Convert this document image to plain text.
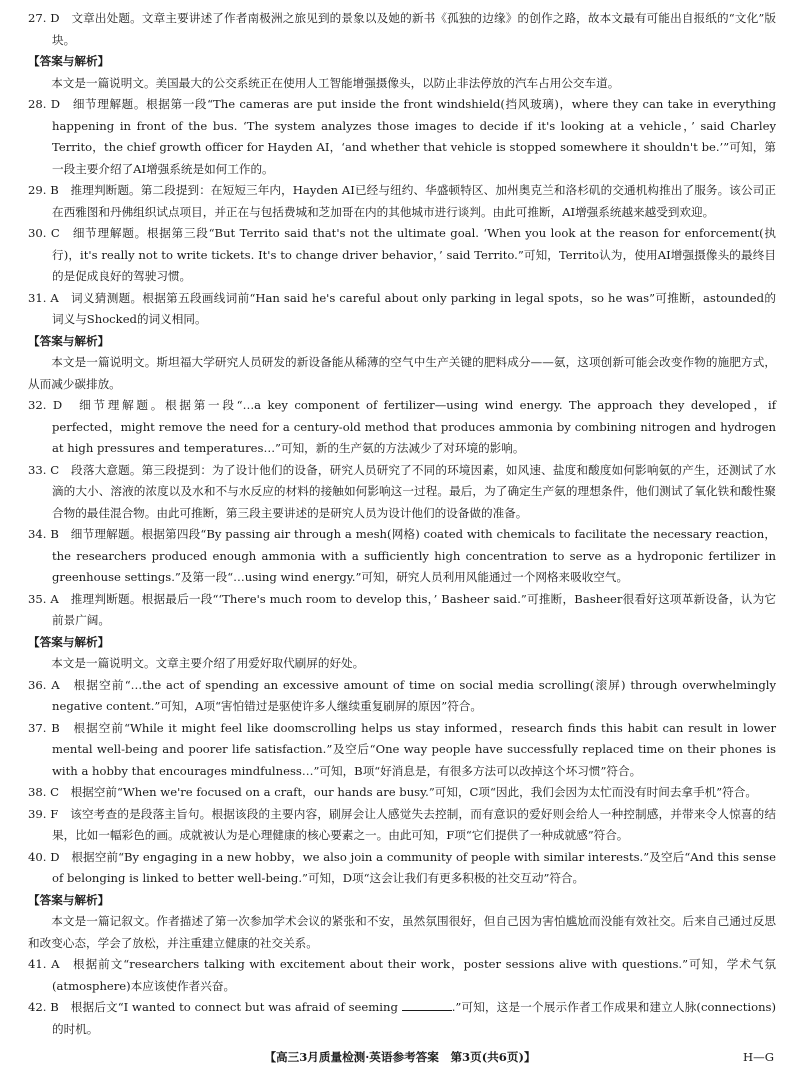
27. D　文章出处题。文章主要讲述了作者南极洲之旅见到的景象以及她的新书《孤独的边缘》的创作之路，故本文最有可能出自报纸的“文化”版块。

【答案与解析】

本文是一篇说明文。美国最大的公交系统正在使用人工智能增强摄像头，以防止非法停放的汽车占用公交车道。

28. D　细节理解题。根据第一段“The cameras are put inside the front windshield(挡风玻璃)，where they can take in everything happening in front of the bus. ‘The system analyzes those images to decide if it's looking at a vehicle，’ said Charley Territo，the chief growth officer for Hayden AI，‘and whether that vehicle is stopped somewhere it shouldn't be.’”可知，第一段主要介绍了AI增强系统是如何工作的。

29. B　推理判断题。第二段提到：在短短三年内，Hayden AI已经与纽约、华盛顿特区、加州奥克兰和洛杉矶的交通机构推出了服务。该公司正在西雅图和丹佛组织试点项目，并正在与包括费城和芝加哥在内的其他城市进行谈判。由此可推断，AI增强系统越来越受到欢迎。

30. C　细节理解题。根据第三段“But Territo said that's not the ultimate goal. ‘When you look at the reason for enforcement(执行)，it's really not to write tickets. It's to change driver behavior，’ said Territo.”可知，Territo认为，使用AI增强摄像头的最终目的是促成良好的驾驶习惯。

31. A　词义猜测题。根据第五段画线词前“Han said he's careful about only parking in legal spots，so he was”可推断，astounded的词义与Shocked的词义相同。

【答案与解析】

本文是一篇说明文。斯坦福大学研究人员研发的新设备能从稀薄的空气中生产关键的肥料成分——氨，这项创新可能会改变作物的施肥方式，从而减少碳排放。

32. D　细节理解题。根据第一段“…a key component of fertilizer—using wind energy. The approach they developed，if perfected，might remove the need for a century-old method that produces ammonia by combining nitrogen and hydrogen at high pressures and temperatures…”可知，新的生产氨的方法减少了对环境的影响。

33. C　段落大意题。第三段提到：为了设计他们的设备，研究人员研究了不同的环境因素，如风速、盐度和酸度如何影响氨的产生，还测试了水滴的大小、溶液的浓度以及水和不与水反应的材料的接触如何影响这一过程。最后，为了确定生产氨的理想条件，他们测试了氧化铁和酸性聚合物的最佳混合物。由此可推断，第三段主要讲述的是研究人员为设计他们的设备做的准备。

34. B　细节理解题。根据第四段“By passing air through a mesh(网格) coated with chemicals to facilitate the necessary reaction，the researchers produced enough ammonia with a sufficiently high concentration to serve as a hydroponic fertilizer in greenhouse settings.”及第一段“…using wind energy.”可知，研究人员利用风能通过一个网格来吸收空气。

35. A　推理判断题。根据最后一段“‘There's much room to develop this，’ Basheer said.”可推断，Basheer很看好这项革新设备，认为它前景广阔。

【答案与解析】

本文是一篇说明文。文章主要介绍了用爱好取代刷屏的好处。

36. A　根据空前“…the act of spending an excessive amount of time on social media scrolling(滚屏) through overwhelmingly negative content.”可知，A项“害怕错过是驱使许多人继续重复刷屏的原因”符合。

37. B　根据空前“While it might feel like doomscrolling helps us stay informed，research finds this habit can result in lower mental well-being and poorer life satisfaction.”及空后“One way people have successfully replaced time on their phones is with a hobby that encourages mindfulness…”可知，B项“好消息是，有很多方法可以改掉这个坏习惯”符合。

38. C　根据空前“When we're focused on a craft，our hands are busy.”可知，C项“因此，我们会因为太忙而没有时间去拿手机”符合。

39. F　该空考查的是段落主旨句。根据该段的主要内容，刷屏会让人感觉失去控制，而有意识的爱好则会给人一种控制感，并带来令人惊喜的结果，比如一幅彩色的画。成就被认为是心理健康的核心要素之一。由此可知，F项“它们提供了一种成就感”符合。

40. D　根据空前“By engaging in a new hobby，we also join a community of people with similar interests.”及空后“And this sense of belonging is linked to better well-being.”可知，D项“这会让我们有更多积极的社交互动”符合。

【答案与解析】

本文是一篇记叙文。作者描述了第一次参加学术会议的紧张和不安，虽然氛围很好，但自己因为害怕尴尬而没能有效社交。后来自己通过反思和改变心态，学会了放松，并注重建立健康的社交关系。

41. A　根据前文“researchers talking with excitement about their work，poster sessions alive with questions.”可知，学术气氛(atmosphere)本应该使作者兴奋。

42. B　根据后文“I wanted to connect but was afraid of seeming	.”可知，这是一个展示作者工作成果和建立人脉(connections)的时机。

【高三3月质量检测·英语参考答案　第3页(共6页)】	H—G
